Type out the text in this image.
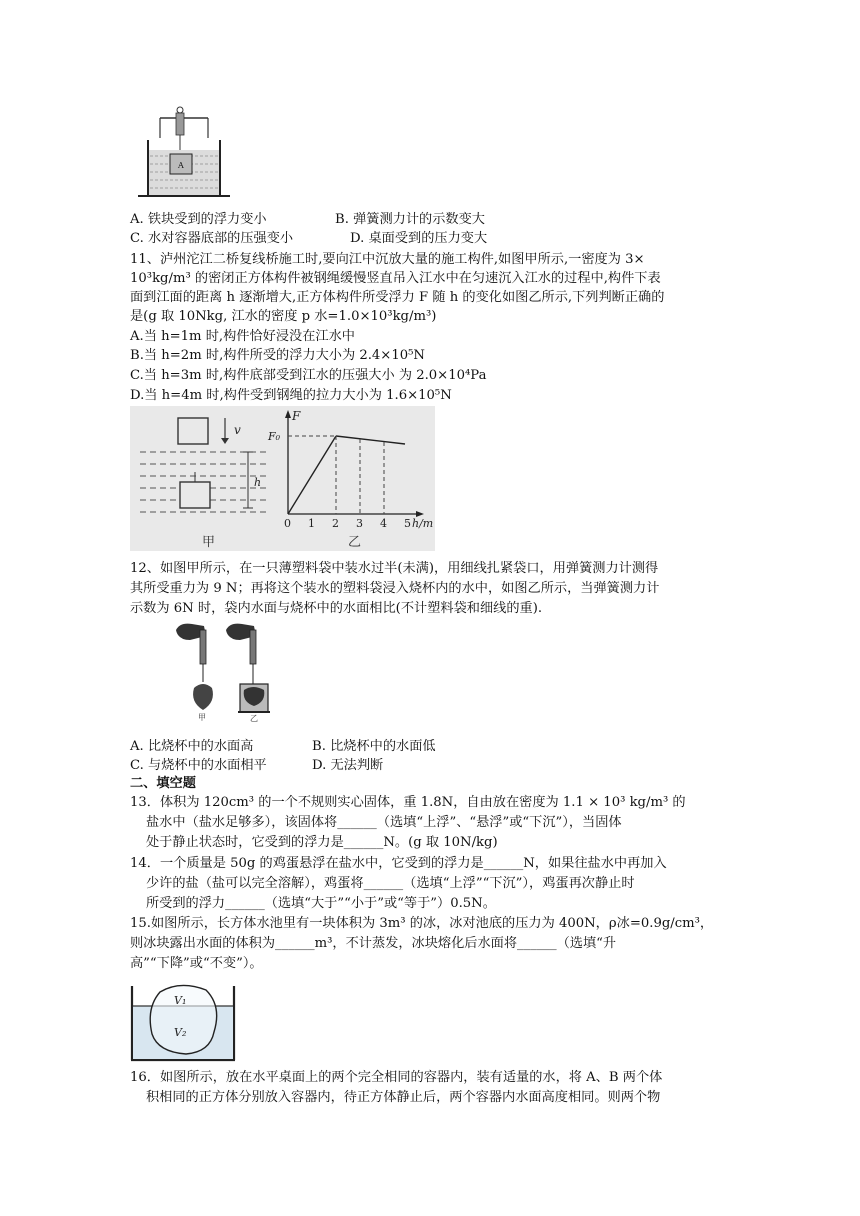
A
A. 铁块受到的浮力变小	B. 弹簧测力计的示数变大
C. 水对容器底部的压强变小	D. 桌面受到的压力变大
11、泸州沱江二桥复线桥施工时,要向江中沉放大量的施工构件,如图甲所示,一密度为 3×
10³kg/m³ 的密闭正方体构件被钢绳缓慢竖直吊入江水中在匀速沉入江水的过程中,构件下表
面到江面的距离 h 逐渐增大,正方体构件所受浮力 F 随 h 的变化如图乙所示,下列判断正确的
是(g 取 10Nkg, 江水的密度 p 水=1.0×10³kg/m³)
A.当 h=1m 时,构件恰好浸没在江水中
B.当 h=2m 时,构件所受的浮力大小为 2.4×10⁵N
C.当 h=3m 时,构件底部受到江水的压强大小 为 2.0×10⁴Pa
D.当 h=4m 时,构件受到钢绳的拉力大小为 1.6×10⁵N
v
h
甲
F
F₀
0 1 2 3 4 5 h/m
乙
12、如图甲所示，在一只薄塑料袋中装水过半(未满)，用细线扎紧袋口，用弹簧测力计测得
其所受重力为 9 N；再将这个装水的塑料袋浸入烧杯内的水中，如图乙所示，当弹簧测力计
示数为 6N 时，袋内水面与烧杯中的水面相比(不计塑料袋和细线的重).
甲	乙
A. 比烧杯中的水面高	B. 比烧杯中的水面低
C. 与烧杯中的水面相平	D. 无法判断
二、填空题
13．体积为 120cm³ 的一个不规则实心固体，重 1.8N，自由放在密度为 1.1 × 10³ kg/m³ 的
盐水中（盐水足够多），该固体将______（选填“上浮”、“悬浮”或“下沉”），当固体
处于静止状态时，它受到的浮力是______N。(g 取 10N/kg)
14．一个质量是 50g 的鸡蛋悬浮在盐水中，它受到的浮力是______N，如果往盐水中再加入
少许的盐（盐可以完全溶解），鸡蛋将______（选填“上浮”“下沉”），鸡蛋再次静止时
所受到的浮力______（选填“大于”“小于”或“等于”）0.5N。
15.如图所示，长方体水池里有一块体积为 3m³ 的冰，冰对池底的压力为 400N，ρ冰=0.9g/cm³，
则冰块露出水面的体积为______m³，不计蒸发，冰块熔化后水面将______（选填“升
高”“下降”或“不变”）。
V₁
V₂
16．如图所示，放在水平桌面上的两个完全相同的容器内，装有适量的水，将 A、B 两个体
积相同的正方体分别放入容器内，待正方体静止后，两个容器内水面高度相同。则两个物
